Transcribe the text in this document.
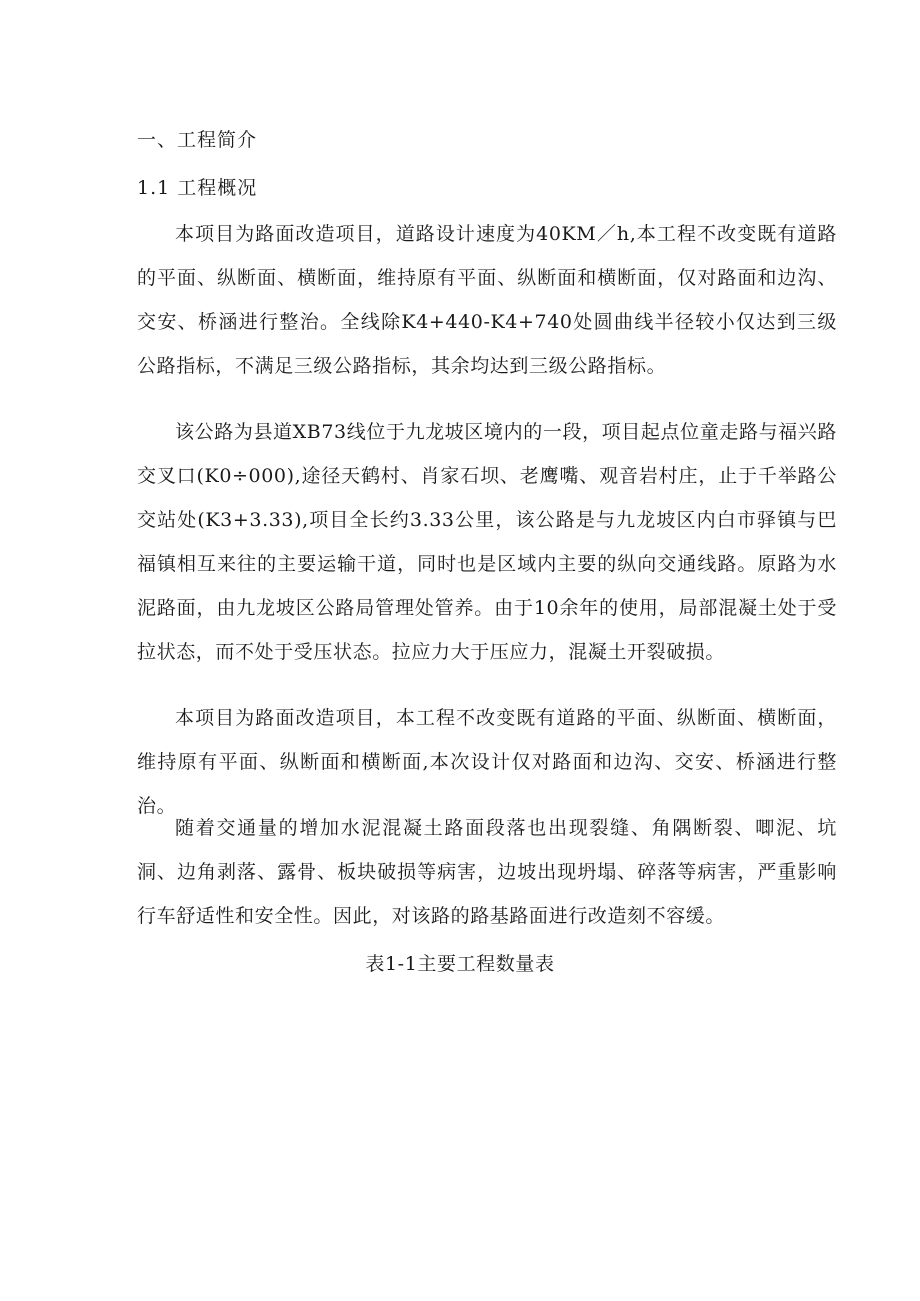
一、工程简介
1.1 工程概况

本项目为路面改造项目，道路设计速度为40KM／h,本工程不改变既有道路的平面、纵断面、横断面，维持原有平面、纵断面和横断面，仅对路面和边沟、交安、桥涵进行整治。全线除K4+440-K4+740处圆曲线半径较小仅达到三级公路指标，不满足三级公路指标，其余均达到三级公路指标。

该公路为县道XB73线位于九龙坡区境内的一段，项目起点位童走路与福兴路交叉口(K0÷000),途径天鹤村、肖家石坝、老鹰嘴、观音岩村庄，止于千举路公交站处(K3+3.33),项目全长约3.33公里，该公路是与九龙坡区内白市驿镇与巴福镇相互来往的主要运输干道，同时也是区域内主要的纵向交通线路。原路为水泥路面，由九龙坡区公路局管理处管养。由于10余年的使用，局部混凝土处于受拉状态，而不处于受压状态。拉应力大于压应力，混凝土开裂破损。

本项目为路面改造项目，本工程不改变既有道路的平面、纵断面、横断面，维持原有平面、纵断面和横断面,本次设计仅对路面和边沟、交安、桥涵进行整治。

随着交通量的增加水泥混凝土路面段落也出现裂缝、角隅断裂、唧泥、坑洞、边角剥落、露骨、板块破损等病害，边坡出现坍塌、碎落等病害，严重影响行车舒适性和安全性。因此，对该路的路基路面进行改造刻不容缓。

表1-1主要工程数量表
